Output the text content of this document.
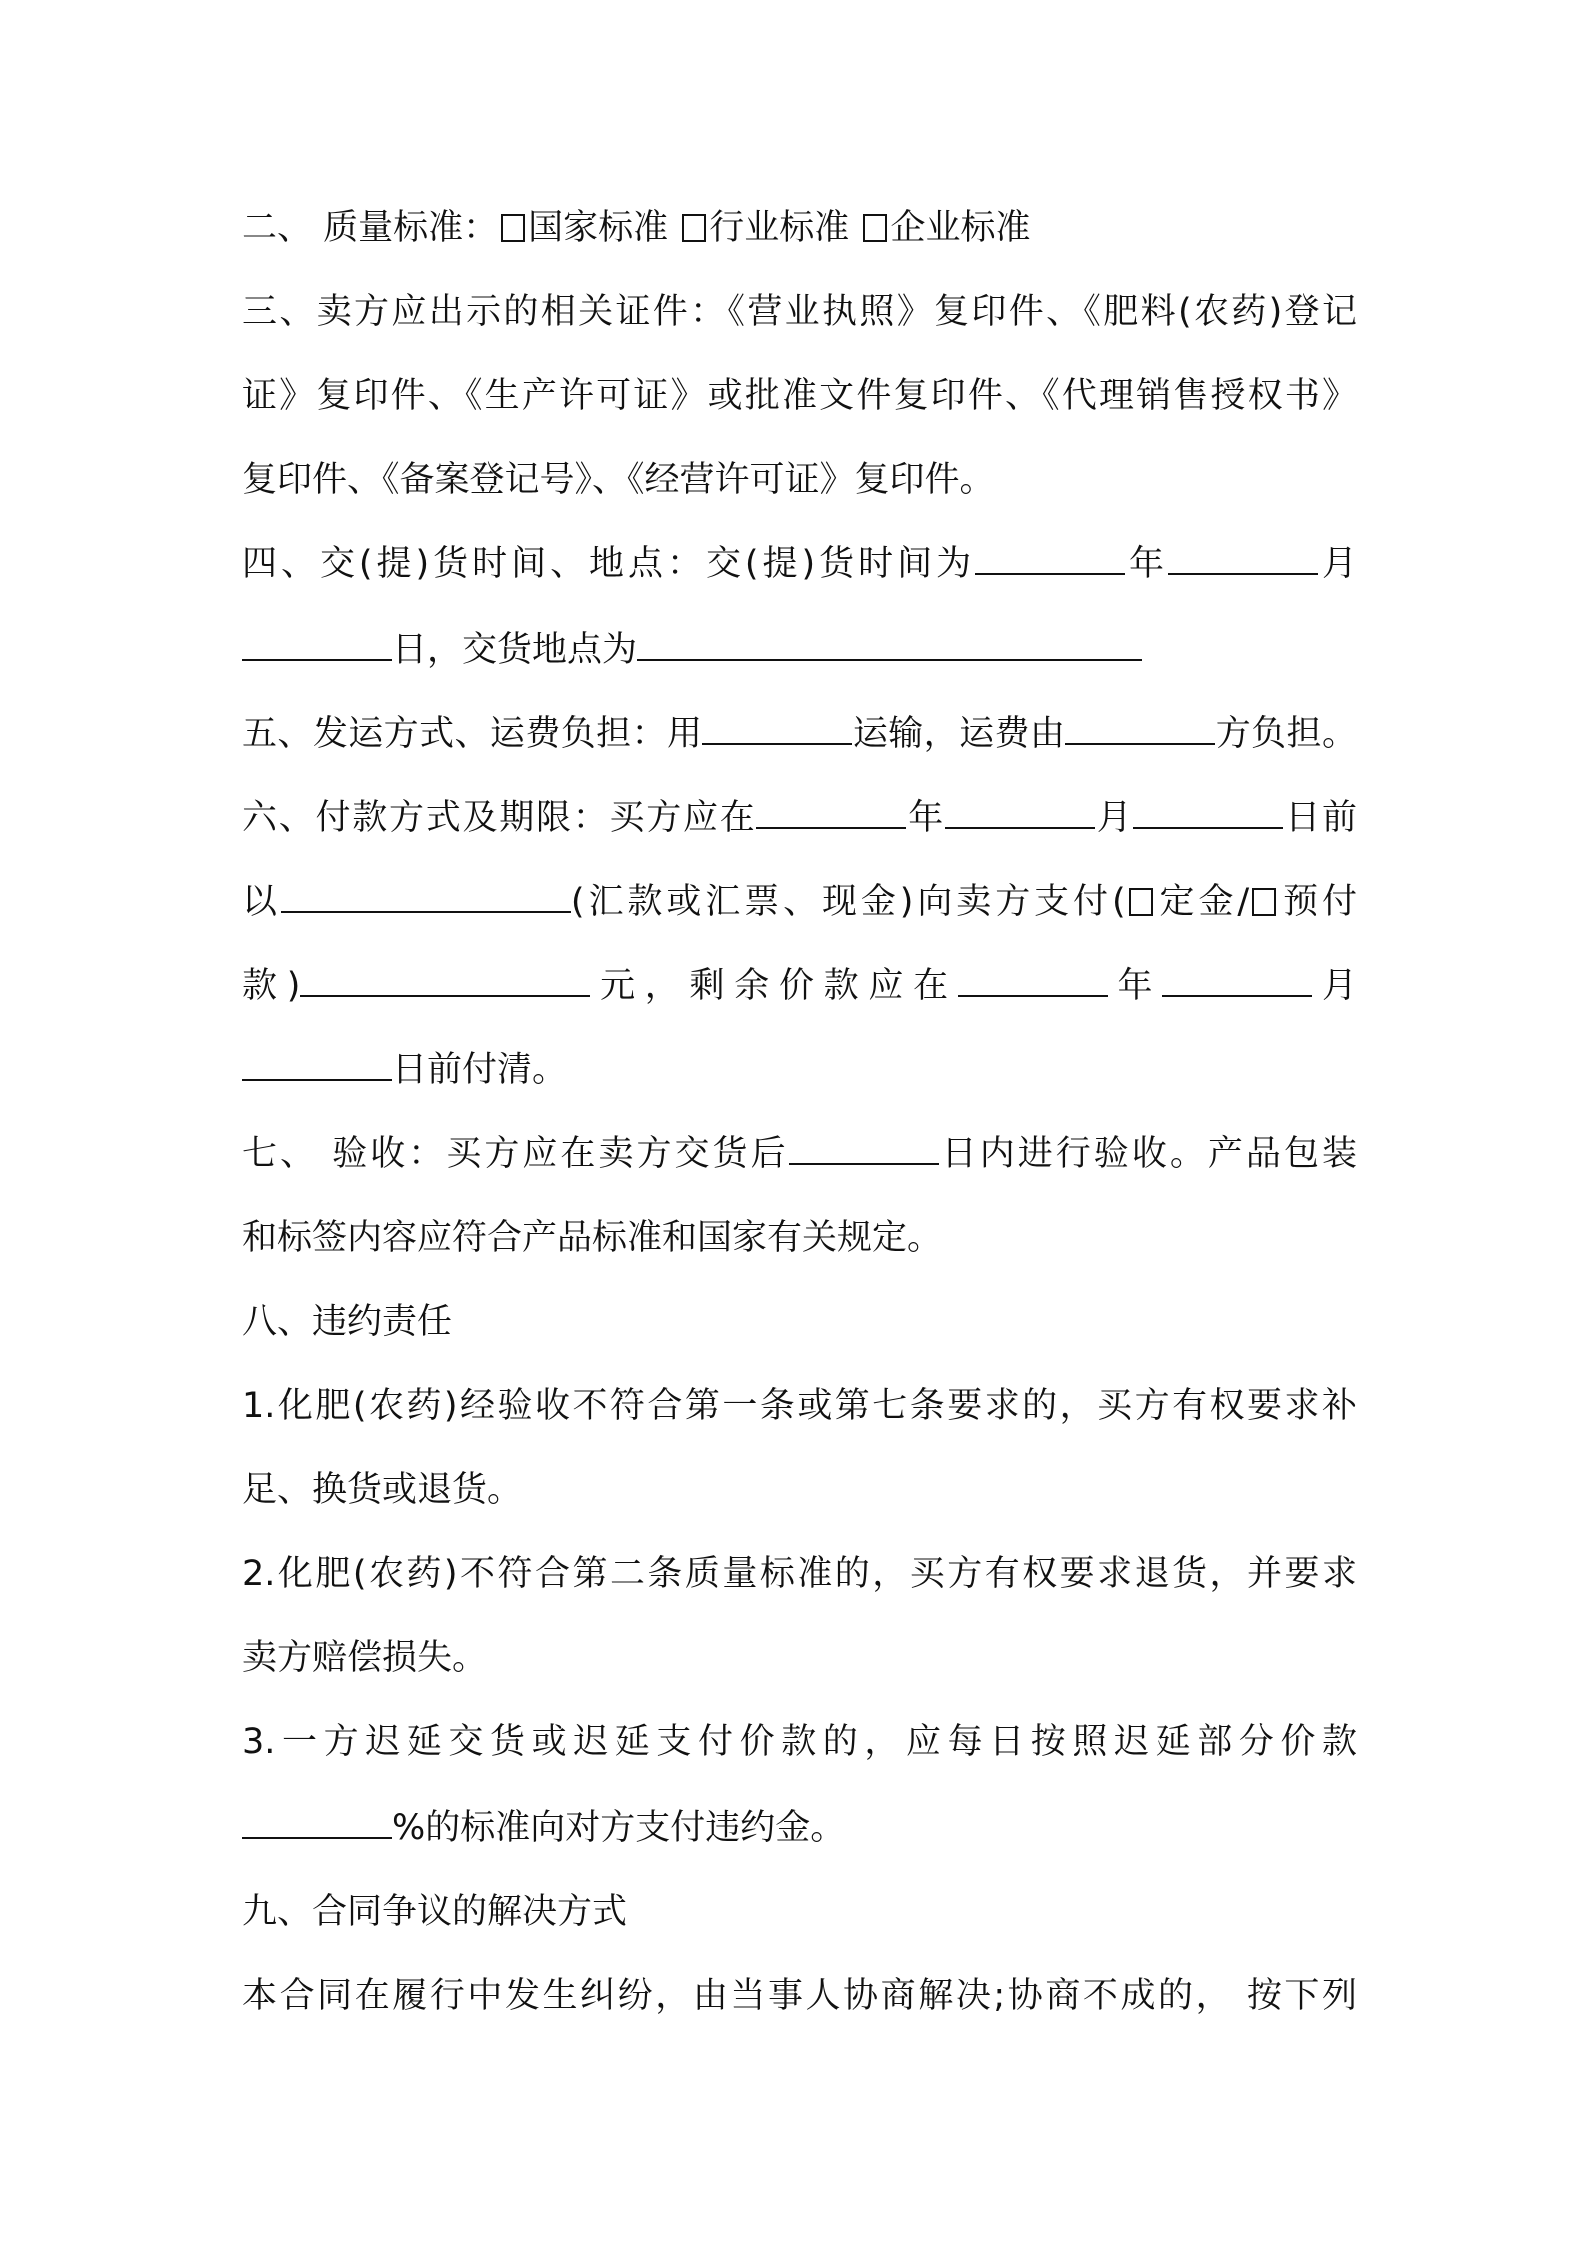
二、 质量标准： 国家标准 行业标准 企业标准
三、卖方应出示的相关证件：《营业执照》复印件、《肥料(农药)登记
证》复印件、《生产许可证》或批准文件复印件、《代理销售授权书》
复印件、《备案登记号》、《经营许可证》复印件。
四、交(提)货时间、地点：交(提)货时间为	年	月
日，交货地点为
五、发运方式、运费负担：用	运输，运费由	方负担。
六、付款方式及期限：买方应在	年	月	日前
以	(汇款或汇票、现金)向卖方支付( 定金/ 预付
款)	元，剩余价款应在	年	月
日前付清。
七、 验收：买方应在卖方交货后	日内进行验收。产品包装
和标签内容应符合产品标准和国家有关规定。
八、违约责任
1.化肥(农药)经验收不符合第一条或第七条要求的，买方有权要求补
足、换货或退货。
2.化肥(农药)不符合第二条质量标准的，买方有权要求退货，并要求
卖方赔偿损失。
3.一方迟延交货或迟延支付价款的，应每日按照迟延部分价款
%的标准向对方支付违约金。
九、合同争议的解决方式
本合同在履行中发生纠纷，由当事人协商解决;协商不成的， 按下列
